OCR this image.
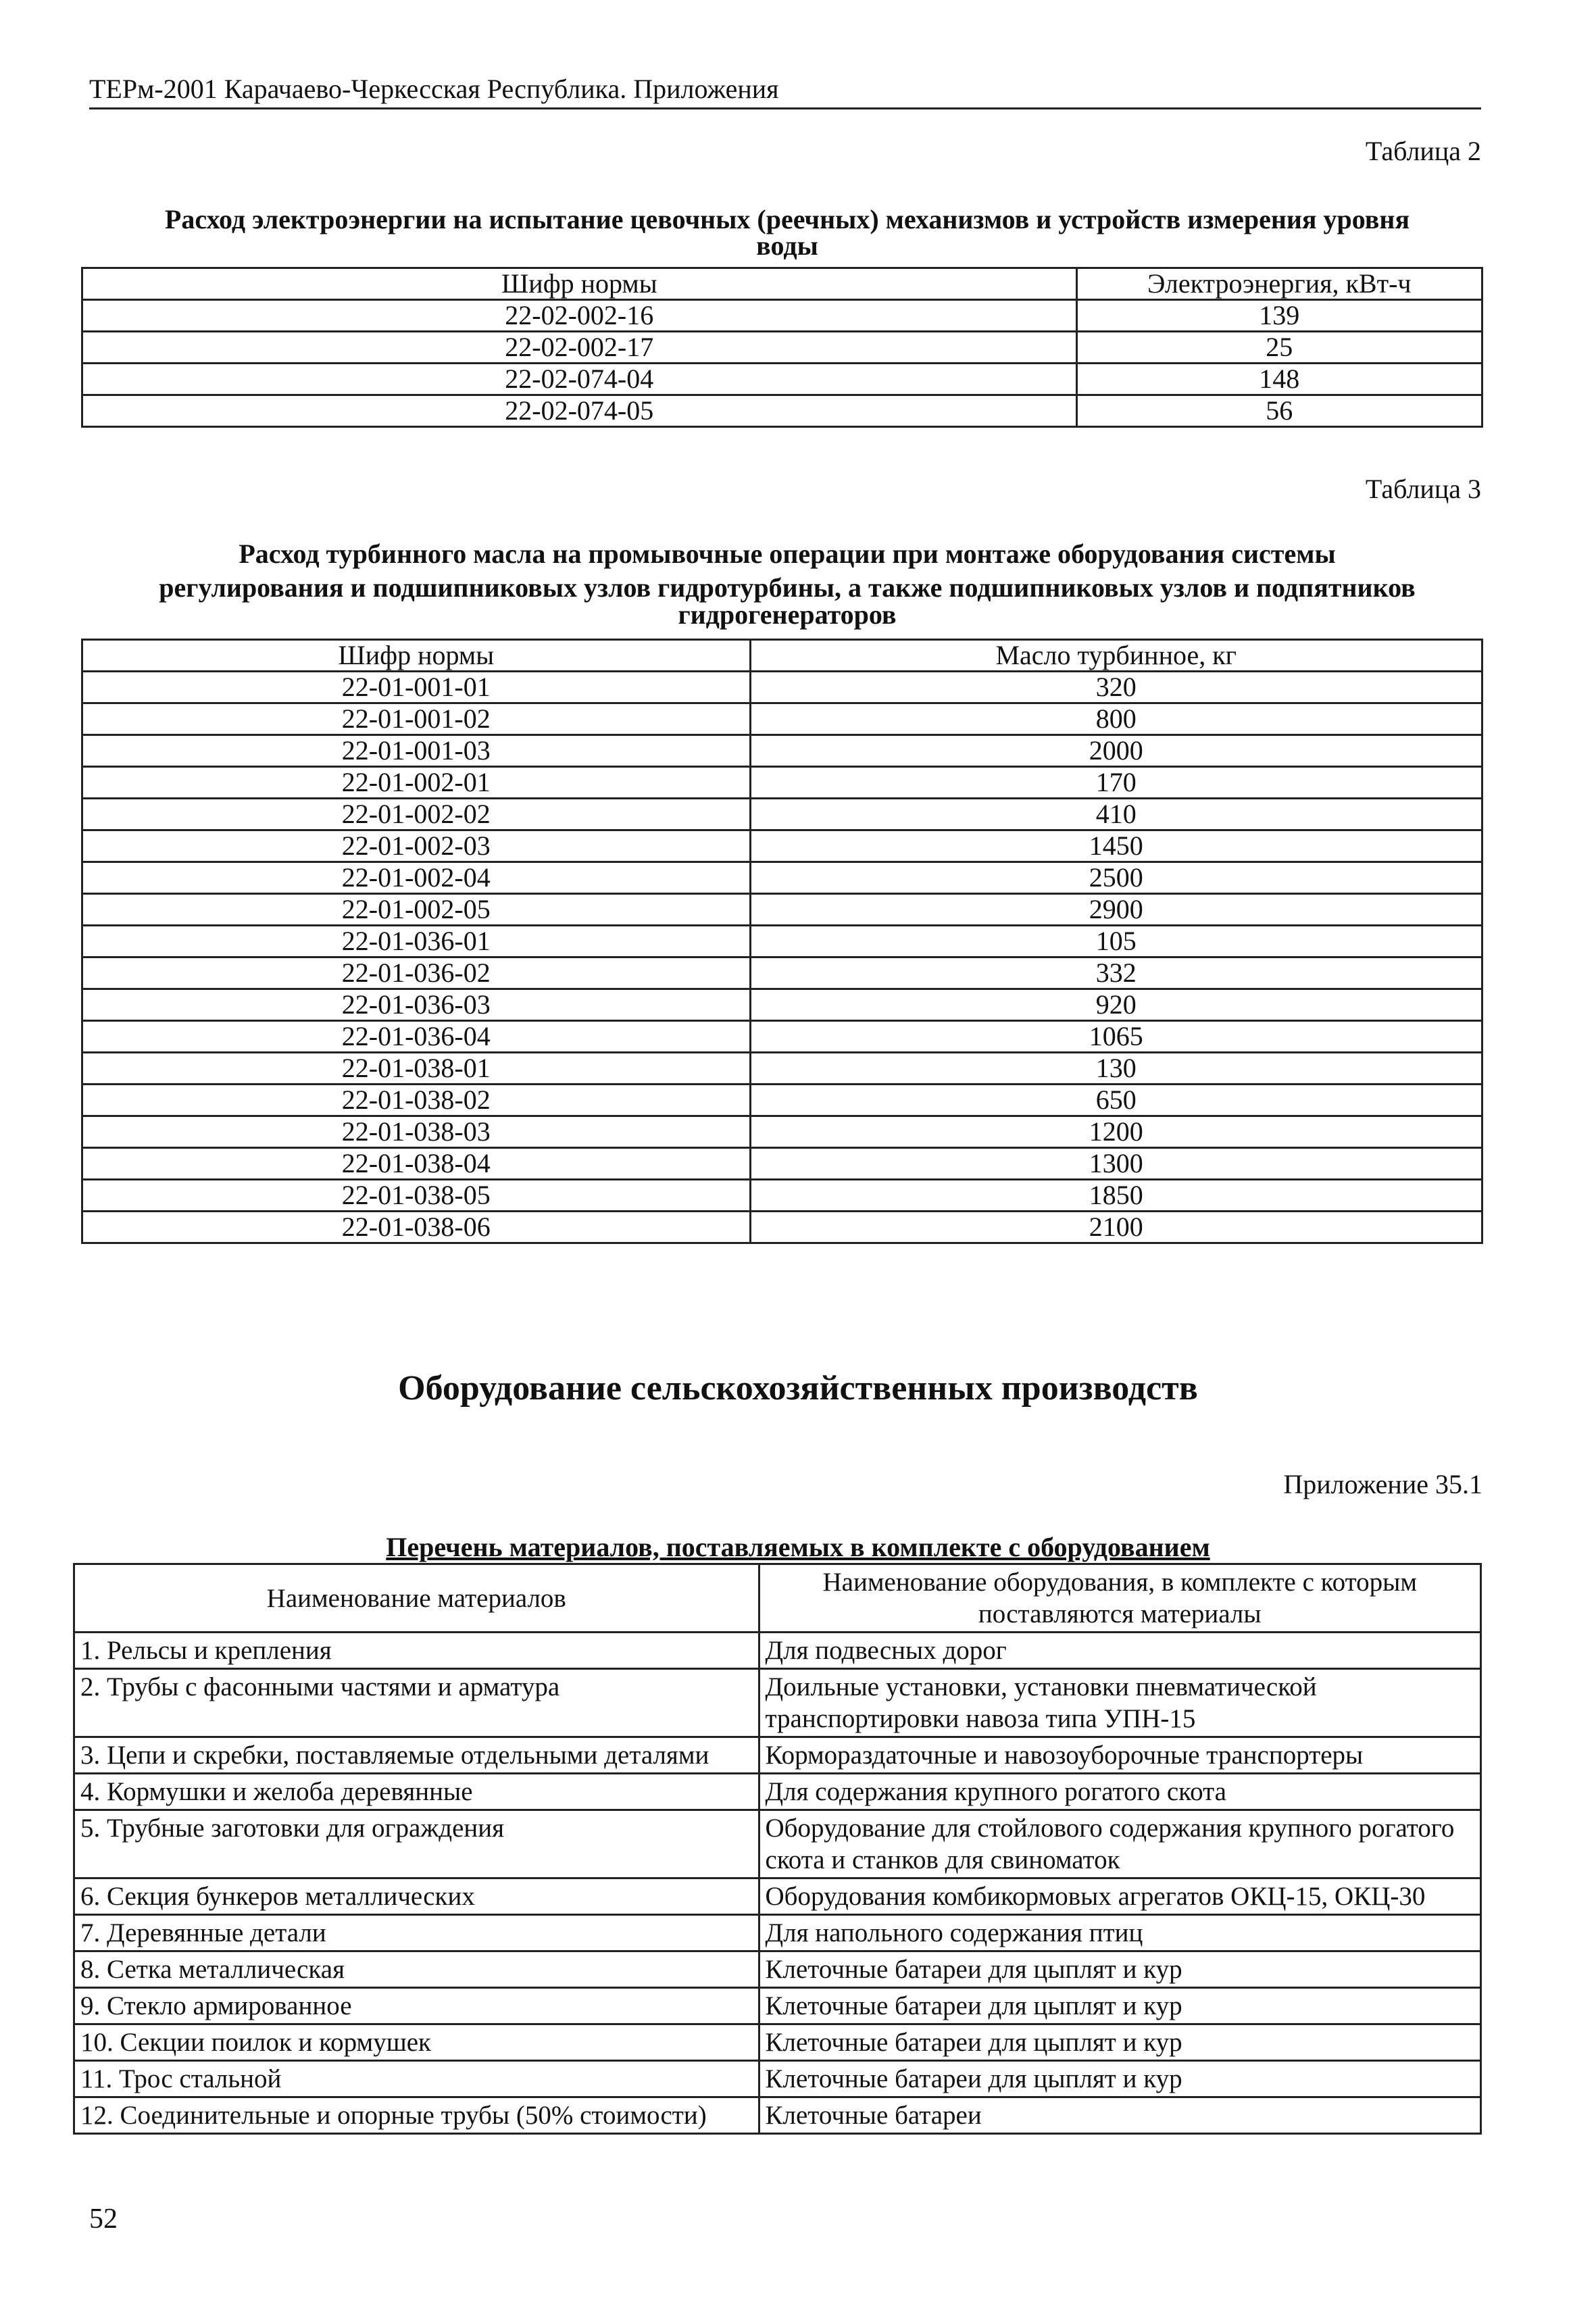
ТЕРм-2001 Карачаево-Черкесская Республика. Приложения
Таблица 2
Расход электроэнергии на испытание цевочных (реечных) механизмов и устройств измерения уровня
воды
Шифр нормы	Электроэнергия, кВт-ч
22-02-002-16	139
22-02-002-17	25
22-02-074-04	148
22-02-074-05	56
Таблица 3
Расход турбинного масла на промывочные операции при монтаже оборудования системы
регулирования и подшипниковых узлов гидротурбины, а также подшипниковых узлов и подпятников
гидрогенераторов
Шифр нормы	Масло турбинное, кг
22-01-001-01	320
22-01-001-02	800
22-01-001-03	2000
22-01-002-01	170
22-01-002-02	410
22-01-002-03	1450
22-01-002-04	2500
22-01-002-05	2900
22-01-036-01	105
22-01-036-02	332
22-01-036-03	920
22-01-036-04	1065
22-01-038-01	130
22-01-038-02	650
22-01-038-03	1200
22-01-038-04	1300
22-01-038-05	1850
22-01-038-06	2100
Оборудование сельскохозяйственных производств
Приложение 35.1
Перечень материалов, поставляемых в комплекте с оборудованием
Наименование материалов	Наименование оборудования, в комплекте с которым поставляются материалы
1. Рельсы и крепления	Для подвесных дорог
2. Трубы с фасонными частями и арматура	Доильные установки, установки пневматической транспортировки навоза типа УПН-15
3. Цепи и скребки, поставляемые отдельными деталями	Кормораздаточные и навозоуборочные транспортеры
4. Кормушки и желоба деревянные	Для содержания крупного рогатого скота
5. Трубные заготовки для ограждения	Оборудование для стойлового содержания крупного рогатого скота и станков для свиноматок
6. Секция бункеров металлических	Оборудования комбикормовых агрегатов ОКЦ-15, ОКЦ-30
7. Деревянные детали	Для напольного содержания птиц
8. Сетка металлическая	Клеточные батареи для цыплят и кур
9. Стекло армированное	Клеточные батареи для цыплят и кур
10. Секции поилок и кормушек	Клеточные батареи для цыплят и кур
11. Трос стальной	Клеточные батареи для цыплят и кур
12. Соединительные и опорные трубы (50% стоимости)	Клеточные батареи
52
